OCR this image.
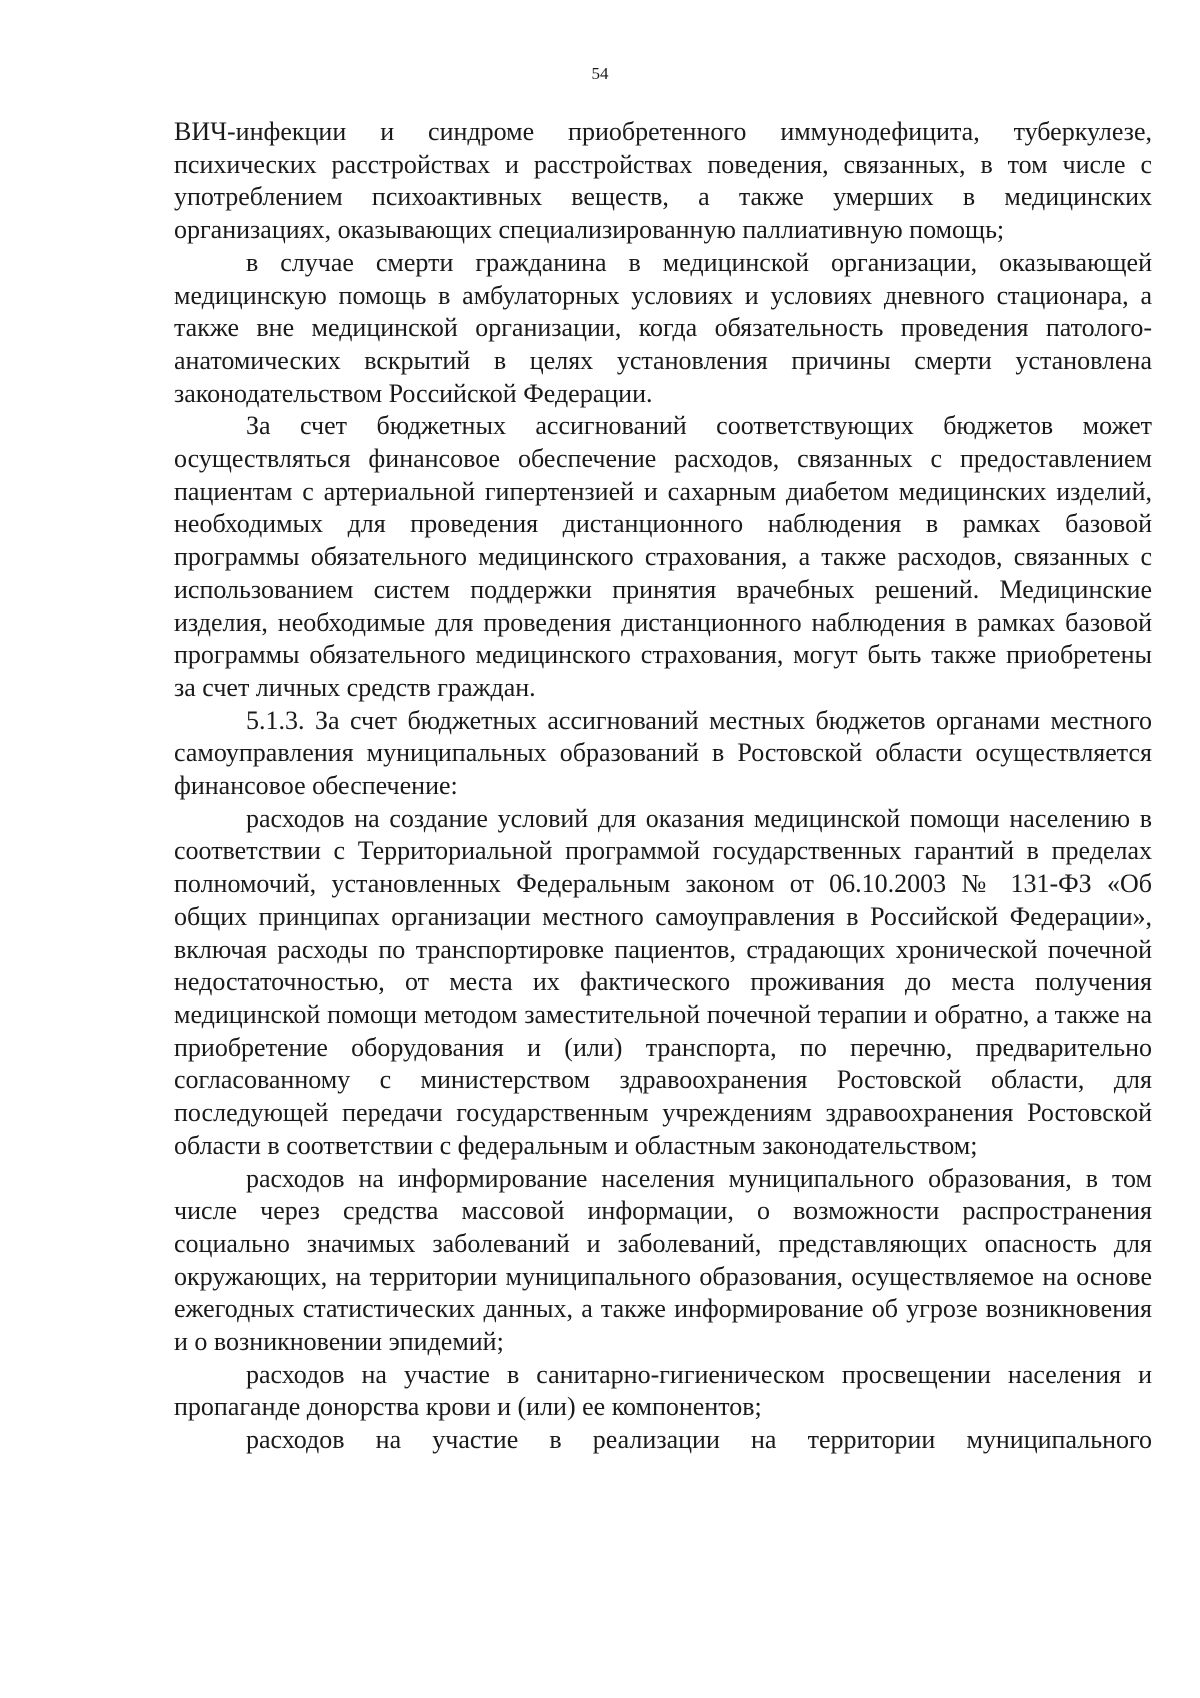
54

ВИЧ-инфекции и синдроме приобретенного иммунодефицита, туберкулезе, психических расстройствах и расстройствах поведения, связанных, в том числе с употреблением психоактивных веществ, а также умерших в медицинских организациях, оказывающих специализированную паллиативную помощь;

в случае смерти гражданина в медицинской организации, оказывающей медицинскую помощь в амбулаторных условиях и условиях дневного стационара, а также вне медицинской организации, когда обязательность проведения патолого-анатомических вскрытий в целях установления причины смерти установлена законодательством Российской Федерации.

За счет бюджетных ассигнований соответствующих бюджетов может осуществляться финансовое обеспечение расходов, связанных с предоставлением пациентам с артериальной гипертензией и сахарным диабетом медицинских изделий, необходимых для проведения дистанционного наблюдения в рамках базовой программы обязательного медицинского страхования, а также расходов, связанных с использованием систем поддержки принятия врачебных решений. Медицинские изделия, необходимые для проведения дистанционного наблюдения в рамках базовой программы обязательного медицинского страхования, могут быть также приобретены за счет личных средств граждан.

5.1.3. За счет бюджетных ассигнований местных бюджетов органами местного самоуправления муниципальных образований в Ростовской области осуществляется финансовое обеспечение:

расходов на создание условий для оказания медицинской помощи населению в соответствии с Территориальной программой государственных гарантий в пределах полномочий, установленных Федеральным законом от 06.10.2003 № 131-ФЗ «Об общих принципах организации местного самоуправления в Российской Федерации», включая расходы по транспортировке пациентов, страдающих хронической почечной недостаточностью, от места их фактического проживания до места получения медицинской помощи методом заместительной почечной терапии и обратно, а также на приобретение оборудования и (или) транспорта, по перечню, предварительно согласованному с министерством здравоохранения Ростовской области, для последующей передачи государственным учреждениям здравоохранения Ростовской области в соответствии с федеральным и областным законодательством;

расходов на информирование населения муниципального образования, в том числе через средства массовой информации, о возможности распространения социально значимых заболеваний и заболеваний, представляющих опасность для окружающих, на территории муниципального образования, осуществляемое на основе ежегодных статистических данных, а также информирование об угрозе возникновения и о возникновении эпидемий;

расходов на участие в санитарно-гигиеническом просвещении населения и пропаганде донорства крови и (или) ее компонентов;

расходов на участие в реализации на территории муниципального
